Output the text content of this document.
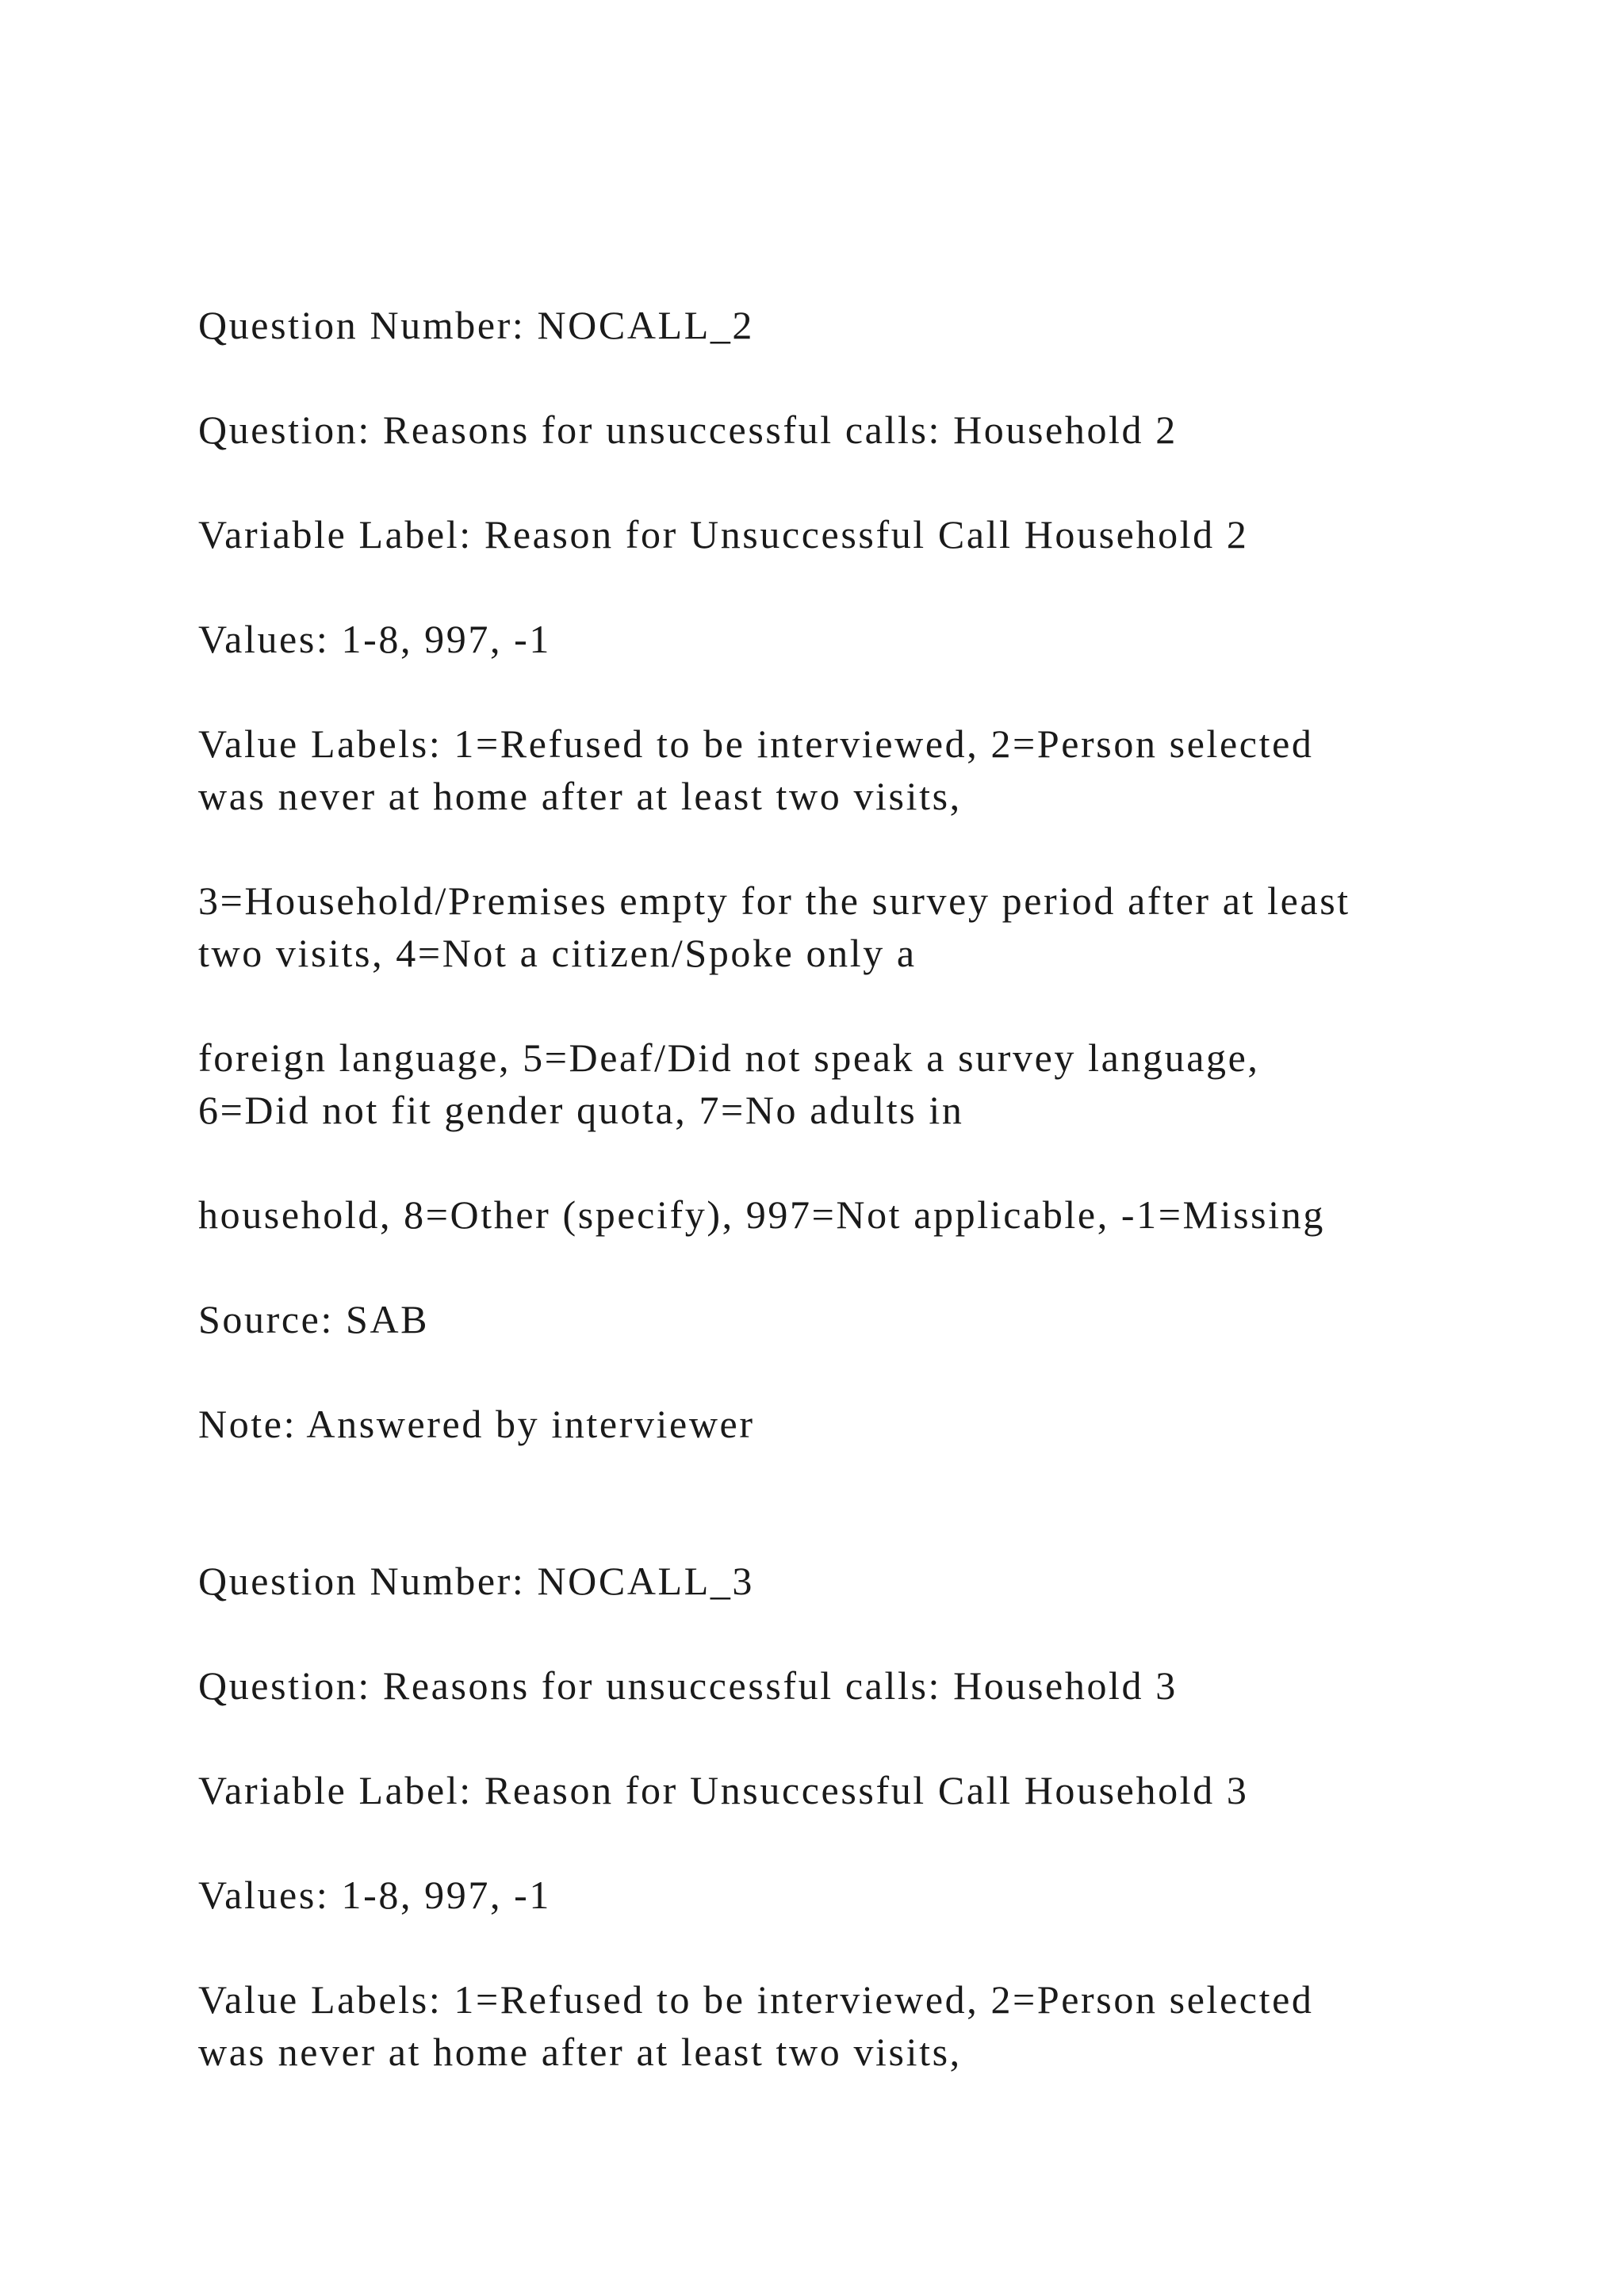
Question Number: NOCALL_2

Question: Reasons for unsuccessful calls: Household 2

Variable Label: Reason for Unsuccessful Call Household 2

Values: 1-8, 997, -1

Value Labels: 1=Refused to be interviewed, 2=Person selected

was never at home after at least two visits,

3=Household/Premises empty for the survey period after at least

two visits, 4=Not a citizen/Spoke only a

foreign language, 5=Deaf/Did not speak a survey language,

6=Did not fit gender quota, 7=No adults in

household, 8=Other (specify), 997=Not applicable, -1=Missing

Source: SAB

Note: Answered by interviewer

Question Number: NOCALL_3

Question: Reasons for unsuccessful calls: Household 3

Variable Label: Reason for Unsuccessful Call Household 3

Values: 1-8, 997, -1

Value Labels: 1=Refused to be interviewed, 2=Person selected

was never at home after at least two visits,
